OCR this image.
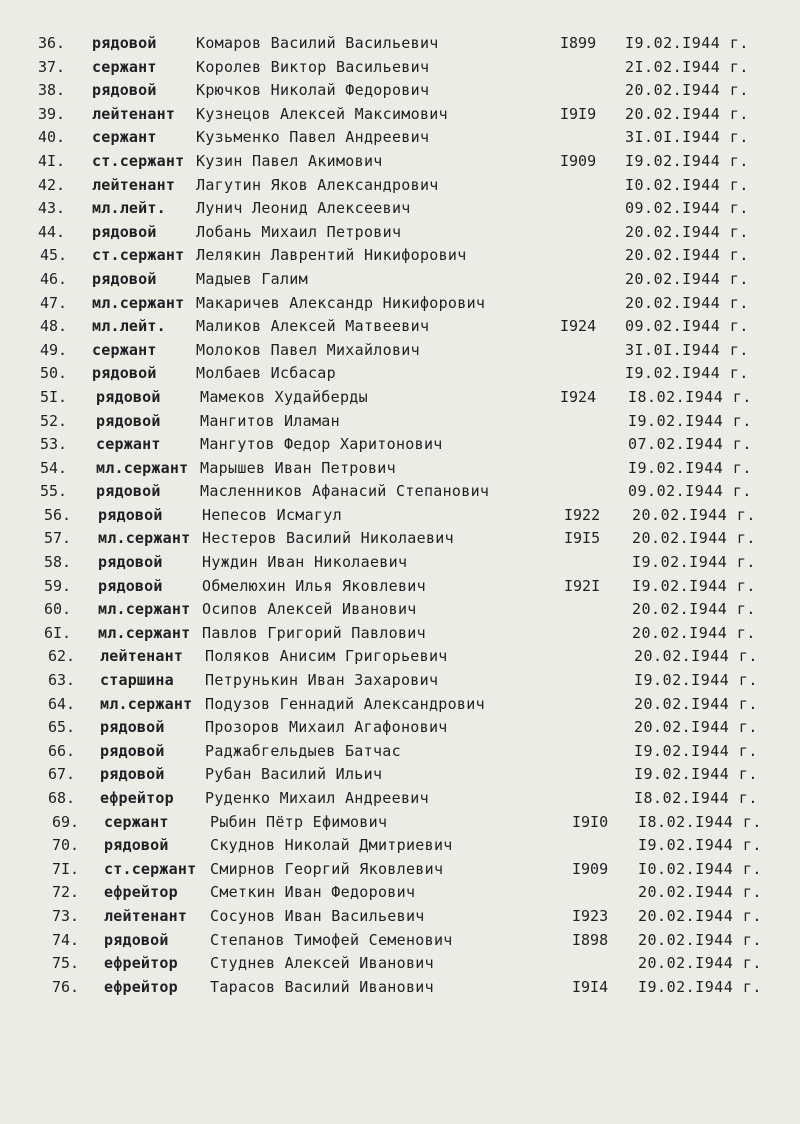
36. рядовой	Комаров Василий Васильевич	I899 I9.02.I944 г.
37. сержант	Королев Виктор Васильевич	2I.02.I944 г.
38. рядовой	Крючков Николай Федорович	20.02.I944 г.
39. лейтенант Кузнецов Алексей Максимович	I9I9 20.02.I944 г.
40. сержант	Кузьменко Павел Андреевич	3I.0I.I944 г.
4I. ст.сержант Кузин Павел Акимович	I909 I9.02.I944 г.
42. лейтенант Лагутин Яков Александрович	I0.02.I944 г.
43. мл.лейт. Лунич Леонид Алексеевич	09.02.I944 г.
44. рядовой	Лобань Михаил Петрович	20.02.I944 г.
45. ст.сержант Лелякин Лаврентий Никифорович	20.02.I944 г.
46. рядовой	Мадыев Галим	20.02.I944 г.
47. мл.сержант Макаричев Александр Никифорович	20.02.I944 г.
48. мл.лейт. Маликов Алексей Матвеевич	I924 09.02.I944 г.
49. сержант	Молоков Павел Михайлович	3I.0I.I944 г.
50. рядовой	Молбаев Исбасар	I9.02.I944 г.
5I. рядовой	Мамеков Худайберды	I924 I8.02.I944 г.
52. рядовой	Мангитов Иламан	I9.02.I944 г.
53. сержант	Мангутов Федор Харитонович	07.02.I944 г.
54. мл.сержант Марышев Иван Петрович	I9.02.I944 г.
55. рядовой	Масленников Афанасий Степанович	09.02.I944 г.
56. рядовой	Непесов Исмагул	I922 20.02.I944 г.
57. мл.сержант Нестеров Василий Николаевич	I9I5 20.02.I944 г.
58. рядовой	Нуждин Иван Николаевич	I9.02.I944 г.
59. рядовой	Обмелюхин Илья Яковлевич	I92I I9.02.I944 г.
60. мл.сержант Осипов Алексей Иванович	20.02.I944 г.
6I. мл.сержант Павлов Григорий Павлович	20.02.I944 г.
62. лейтенант Поляков Анисим Григорьевич	20.02.I944 г.
63. старшина Петрунькин Иван Захарович	I9.02.I944 г.
64. мл.сержант Подузов Геннадий Александрович	20.02.I944 г.
65. рядовой	Прозоров Михаил Агафонович	20.02.I944 г.
66. рядовой	Раджабгельдыев Батчас	I9.02.I944 г.
67. рядовой	Рубан Василий Ильич	I9.02.I944 г.
68. ефрейтор Руденко Михаил Андреевич	I8.02.I944 г.
69. сержант	Рыбин Пётр Ефимович	I9I0 I8.02.I944 г.
70. рядовой	Скуднов Николай Дмитриевич	I9.02.I944 г.
7I. ст.сержант Смирнов Георгий Яковлевич	I909 I0.02.I944 г.
72. ефрейтор Сметкин Иван Федорович	20.02.I944 г.
73. лейтенант Сосунов Иван Васильевич	I923 20.02.I944 г.
74. рядовой	Степанов Тимофей Семенович	I898 20.02.I944 г.
75. ефрейтор Студнев Алексей Иванович	20.02.I944 г.
76. ефрейтор Тарасов Василий Иванович	I9I4 I9.02.I944 г.
